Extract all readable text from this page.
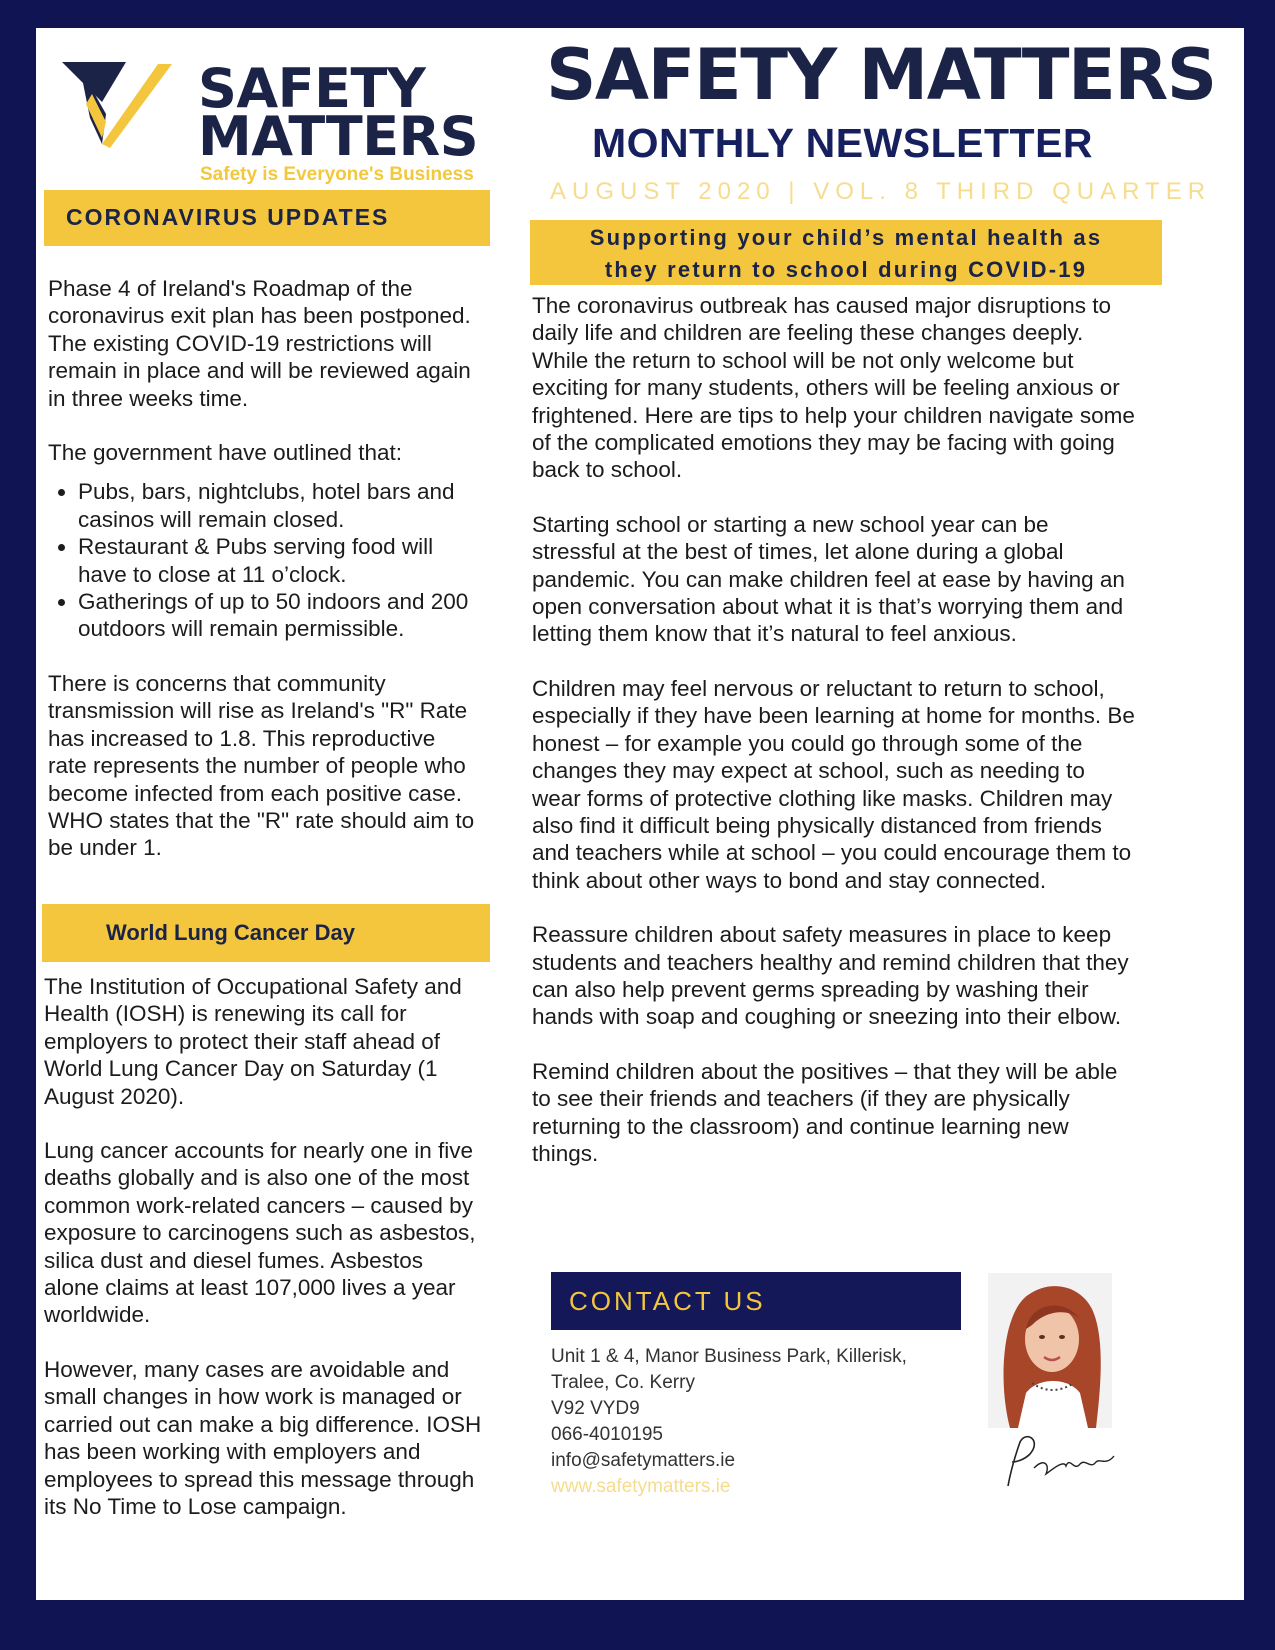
SAFETY
MATTERS
Safety is Everyone's Business
SAFETY MATTERS
MONTHLY NEWSLETTER
AUGUST 2020 | VOL. 8 THIRD QUARTER
CORONAVIRUS UPDATES

Phase 4 of Ireland's Roadmap of the coronavirus exit plan has been postponed. The existing COVID-19 restrictions will remain in place and will be reviewed again in three weeks time.

The government have outlined that:

• Pubs, bars, nightclubs, hotel bars and casinos will remain closed.
• Restaurant & Pubs serving food will have to close at 11 o’clock.
• Gatherings of up to 50 indoors and 200 outdoors will remain permissible.

There is concerns that community transmission will rise as Ireland's "R" Rate has increased to 1.8. This reproductive rate represents the number of people who become infected from each positive case. WHO states that the "R" rate should aim to be under 1.

World Lung Cancer Day

The Institution of Occupational Safety and Health (IOSH) is renewing its call for employers to protect their staff ahead of World Lung Cancer Day on Saturday (1 August 2020).

Lung cancer accounts for nearly one in five deaths globally and is also one of the most common work-related cancers – caused by exposure to carcinogens such as asbestos, silica dust and diesel fumes. Asbestos alone claims at least 107,000 lives a year worldwide.

However, many cases are avoidable and small changes in how work is managed or carried out can make a big difference. IOSH has been working with employers and employees to spread this message through its No Time to Lose campaign.

Supporting your child’s mental health as
they return to school during COVID-19

The coronavirus outbreak has caused major disruptions to daily life and children are feeling these changes deeply. While the return to school will be not only welcome but exciting for many students, others will be feeling anxious or frightened. Here are tips to help your children navigate some of the complicated emotions they may be facing with going back to school.

Starting school or starting a new school year can be stressful at the best of times, let alone during a global pandemic. You can make children feel at ease by having an open conversation about what it is that’s worrying them and letting them know that it’s natural to feel anxious.

Children may feel nervous or reluctant to return to school, especially if they have been learning at home for months. Be honest – for example you could go through some of the changes they may expect at school, such as needing to wear forms of protective clothing like masks. Children may also find it difficult being physically distanced from friends and teachers while at school – you could encourage them to think about other ways to bond and stay connected.

Reassure children about safety measures in place to keep students and teachers healthy and remind children that they can also help prevent germs spreading by washing their hands with soap and coughing or sneezing into their elbow.

Remind children about the positives – that they will be able to see their friends and teachers (if they are physically returning to the classroom) and continue learning new things.

CONTACT US
Unit 1 & 4, Manor Business Park, Killerisk,
Tralee, Co. Kerry
V92 VYD9
066-4010195
info@safetymatters.ie
www.safetymatters.ie
